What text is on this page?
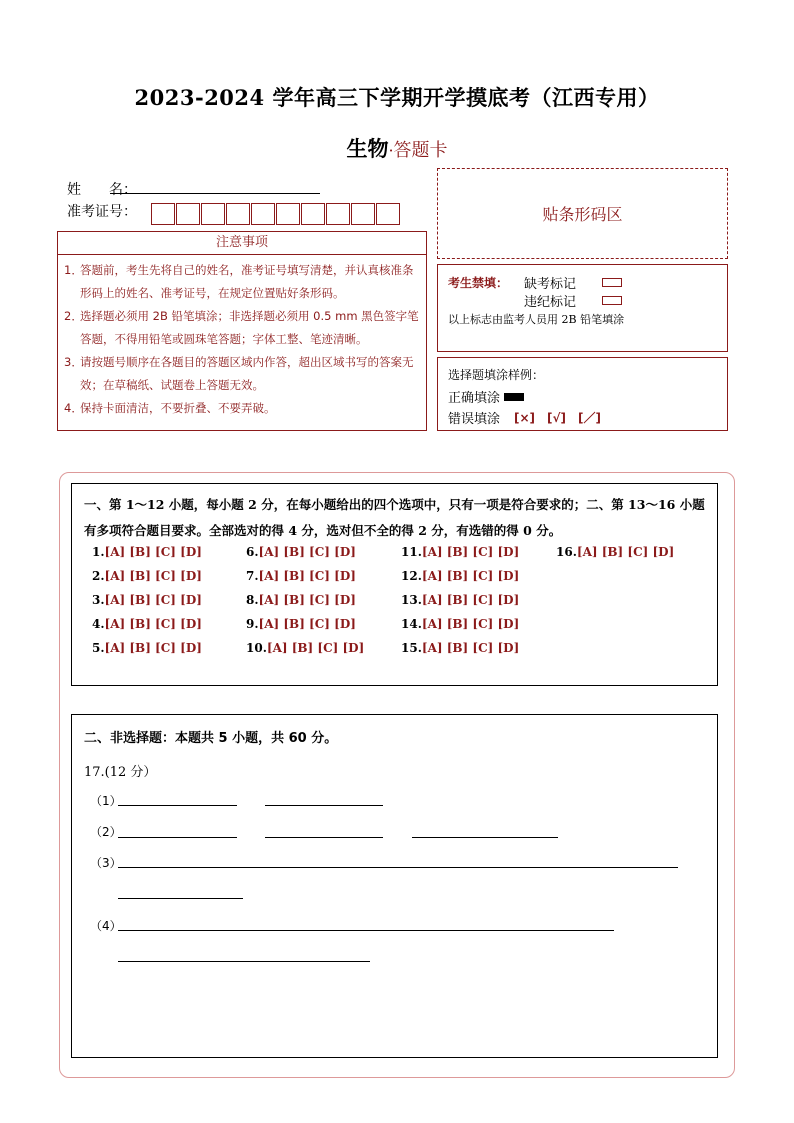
2023-2024 学年高三下学期开学摸底考（江西专用）
生物·答题卡
姓　　名：
准考证号：	贴条形码区
注意事项
1．
答题前，考生先将自己的姓名，准考证号填写清楚，并认真核准条形码上的姓名、准考证号，在规定位置贴好条形码。
2．
选择题必须用 2B 铅笔填涂；非选择题必须用 0.5 mm 黑色签字笔答题，不得用铅笔或圆珠笔答题；字体工整、笔迹清晰。
3．
请按题号顺序在各题目的答题区域内作答，超出区域书写的答案无效；在草稿纸、试题卷上答题无效。
4．
保持卡面清洁，不要折叠、不要弄破。
考生禁填： 缺考标记
违纪标记
以上标志由监考人员用 2B 铅笔填涂
选择题填涂样例：
正确填涂
错误填涂 [×]　[√]　[／]
一、第 1～12 小题，每小题 2 分，在每小题给出的四个选项中，只有一项是符合要求的；二、第 13～16 小题有多项符合题目要求。全部选对的得 4 分，选对但不全的得 2 分，有选错的得 0 分。
1.[A] [B] [C] [D]
2.[A] [B] [C] [D]
3.[A] [B] [C] [D]
4.[A] [B] [C] [D]
5.[A] [B] [C] [D]
6.[A] [B] [C] [D]
7.[A] [B] [C] [D]
8.[A] [B] [C] [D]
9.[A] [B] [C] [D]
10.[A] [B] [C] [D]
11.[A] [B] [C] [D]
12.[A] [B] [C] [D]
13.[A] [B] [C] [D]
14.[A] [B] [C] [D]
15.[A] [B] [C] [D]
16.[A] [B] [C] [D]
二、非选择题：本题共 5 小题，共 60 分。
17.(12 分）
（1）
（2）
（3）
（4）
